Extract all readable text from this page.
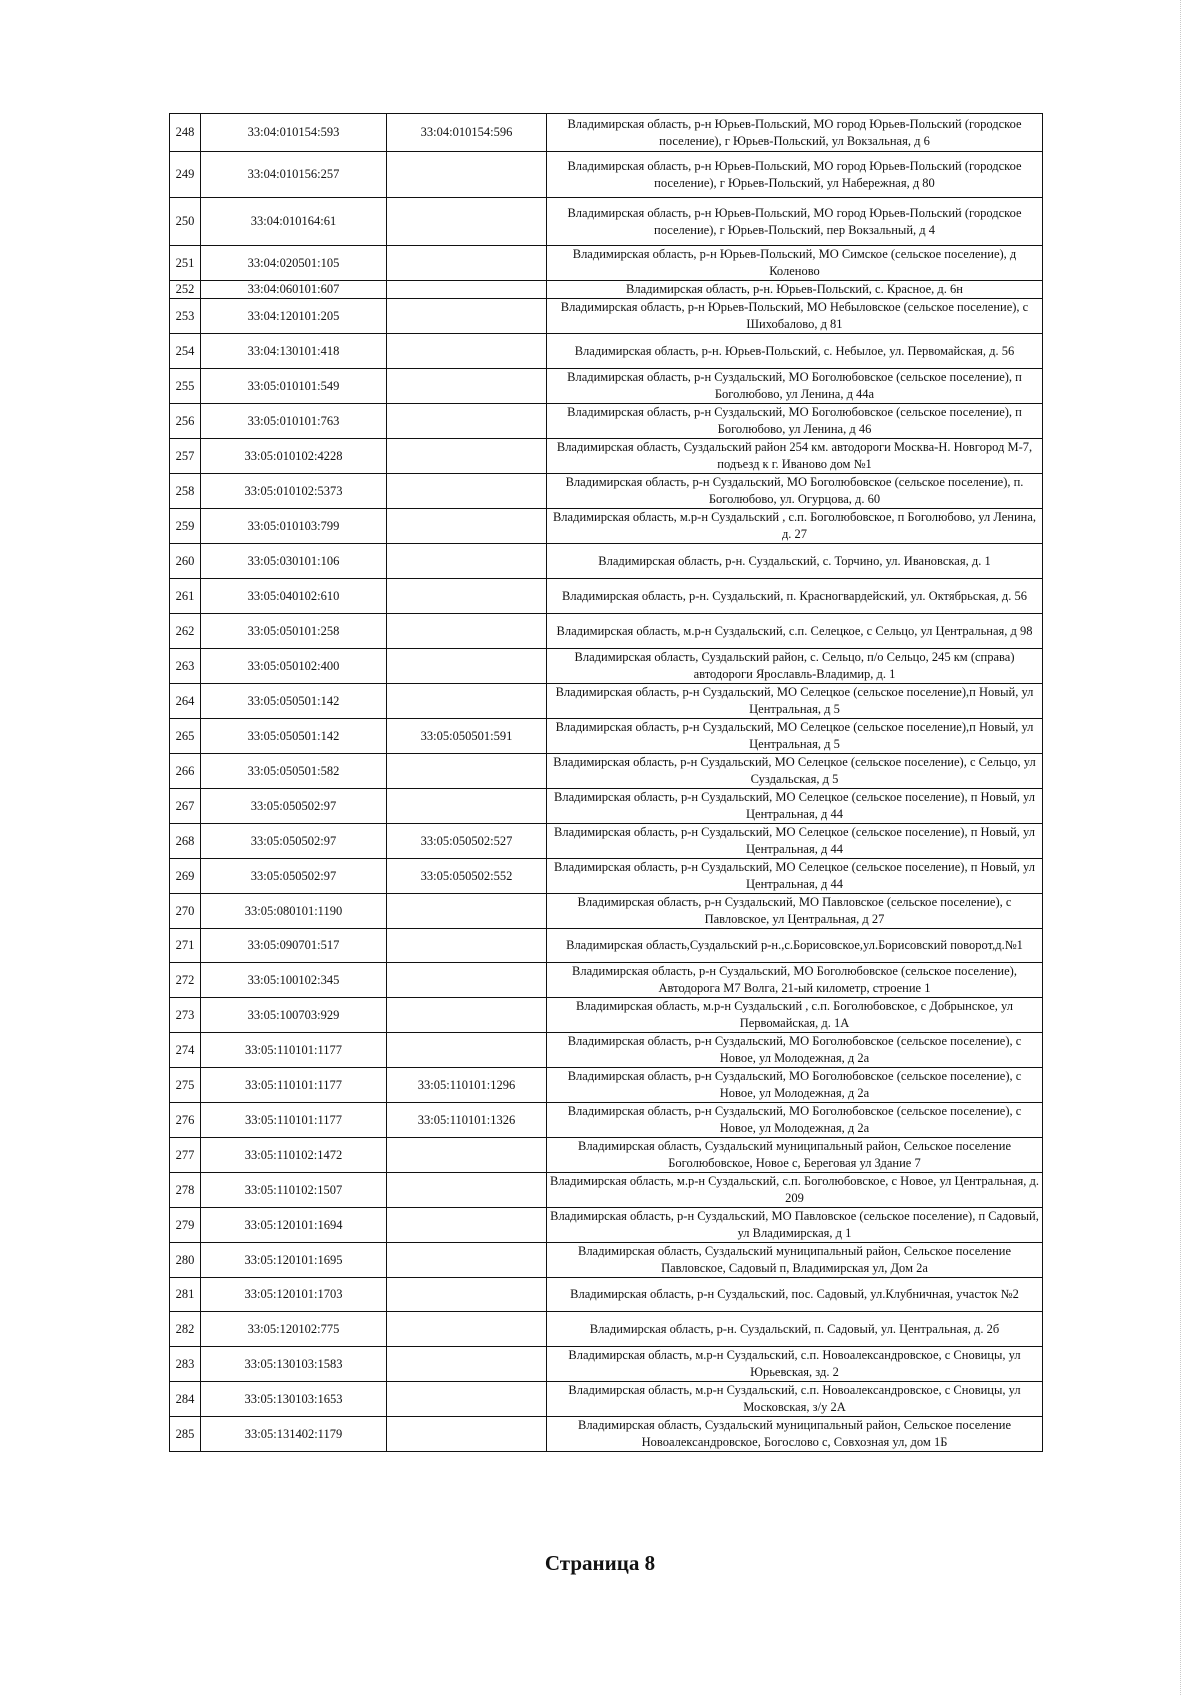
248	33:04:010154:593	33:04:010154:596	Владимирская область, р-н Юрьев-Польский, МО город Юрьев-Польский (городское поселение), г Юрьев-Польский, ул Вокзальная, д 6
249	33:04:010156:257		Владимирская область, р-н Юрьев-Польский, МО город Юрьев-Польский (городское поселение), г Юрьев-Польский, ул Набережная, д 80
250	33:04:010164:61		Владимирская область, р-н Юрьев-Польский, МО город Юрьев-Польский (городское поселение), г Юрьев-Польский, пер Вокзальный, д 4
251	33:04:020501:105		Владимирская область, р-н Юрьев-Польский, МО Симское (сельское поселение), д Коленово
252	33:04:060101:607		Владимирская область, р-н. Юрьев-Польский, с. Красное, д. 6н
253	33:04:120101:205		Владимирская область, р-н Юрьев-Польский, МО Небыловское (сельское поселение), с Шихобалово, д 81
254	33:04:130101:418		Владимирская область, р-н. Юрьев-Польский, с. Небылое, ул. Первомайская, д. 56
255	33:05:010101:549		Владимирская область, р-н Суздальский, МО Боголюбовское (сельское поселение), п Боголюбово, ул Ленина, д 44а
256	33:05:010101:763		Владимирская область, р-н Суздальский, МО Боголюбовское (сельское поселение), п Боголюбово, ул Ленина, д 46
257	33:05:010102:4228		Владимирская область, Суздальский район 254 км. автодороги Москва-Н. Новгород М-7, подъезд к г. Иваново дом №1
258	33:05:010102:5373		Владимирская область, р-н Суздальский, МО Боголюбовское (сельское поселение), п. Боголюбово, ул. Огурцова, д. 60
259	33:05:010103:799		Владимирская область, м.р-н Суздальский , с.п. Боголюбовское, п Боголюбово, ул Ленина, д. 27
260	33:05:030101:106		Владимирская область, р-н. Суздальский, с. Торчино, ул. Ивановская, д. 1
261	33:05:040102:610		Владимирская область, р-н. Суздальский, п. Красногвардейский, ул. Октябрьская, д. 56
262	33:05:050101:258		Владимирская область, м.р-н Суздальский, с.п. Селецкое, с Сельцо, ул Центральная, д 98
263	33:05:050102:400		Владимирская область, Суздальский район, с. Сельцо, п/о Сельцо, 245 км (справа) автодороги Ярославль-Владимир, д. 1
264	33:05:050501:142		Владимирская область, р-н Суздальский, МО Селецкое (сельское поселение),п Новый, ул Центральная, д 5
265	33:05:050501:142	33:05:050501:591	Владимирская область, р-н Суздальский, МО Селецкое (сельское поселение),п Новый, ул Центральная, д 5
266	33:05:050501:582		Владимирская область, р-н Суздальский, МО Селецкое (сельское поселение), с Сельцо, ул Суздальская, д 5
267	33:05:050502:97		Владимирская область, р-н Суздальский, МО Селецкое (сельское поселение), п Новый, ул Центральная, д 44
268	33:05:050502:97	33:05:050502:527	Владимирская область, р-н Суздальский, МО Селецкое (сельское поселение), п Новый, ул Центральная, д 44
269	33:05:050502:97	33:05:050502:552	Владимирская область, р-н Суздальский, МО Селецкое (сельское поселение), п Новый, ул Центральная, д 44
270	33:05:080101:1190		Владимирская область, р-н Суздальский, МО Павловское (сельское поселение), с Павловское, ул Центральная, д 27
271	33:05:090701:517		Владимирская область,Суздальский р-н.,с.Борисовское,ул.Борисовский поворот,д.№1
272	33:05:100102:345		Владимирская область, р-н Суздальский, МО Боголюбовское (сельское поселение), Автодорога М7 Волга, 21-ый километр, строение 1
273	33:05:100703:929		Владимирская область, м.р-н Суздальский , с.п. Боголюбовское, с Добрынское, ул Первомайская, д. 1А
274	33:05:110101:1177		Владимирская область, р-н Суздальский, МО Боголюбовское (сельское поселение), с Новое, ул Молодежная, д 2а
275	33:05:110101:1177	33:05:110101:1296	Владимирская область, р-н Суздальский, МО Боголюбовское (сельское поселение), с Новое, ул Молодежная, д 2а
276	33:05:110101:1177	33:05:110101:1326	Владимирская область, р-н Суздальский, МО Боголюбовское (сельское поселение), с Новое, ул Молодежная, д 2а
277	33:05:110102:1472		Владимирская область, Суздальский муниципальный район, Сельское поселение Боголюбовское, Новое с, Береговая ул Здание 7
278	33:05:110102:1507		Владимирская область, м.р-н Суздальский, с.п. Боголюбовское, с Новое, ул Центральная, д. 209
279	33:05:120101:1694		Владимирская область, р-н Суздальский, МО Павловское (сельское поселение), п Садовый, ул Владимирская, д 1
280	33:05:120101:1695		Владимирская область, Суздальский муниципальный район, Сельское поселение Павловское, Садовый п, Владимирская ул, Дом 2а
281	33:05:120101:1703		Владимирская область, р-н Суздальский, пос. Садовый, ул.Клубничная, участок №2
282	33:05:120102:775		Владимирская область, р-н. Суздальский, п. Садовый, ул. Центральная, д. 2б
283	33:05:130103:1583		Владимирская область, м.р-н Суздальский, с.п. Новоалександровское, с Сновицы, ул Юрьевская, зд. 2
284	33:05:130103:1653		Владимирская область, м.р-н Суздальский, с.п. Новоалександровское, с Сновицы, ул Московская, з/у 2А
285	33:05:131402:1179		Владимирская область, Суздальский муниципальный район, Сельское поселение Новоалександровское, Богослово с, Совхозная ул, дом 1Б
Страница 8
